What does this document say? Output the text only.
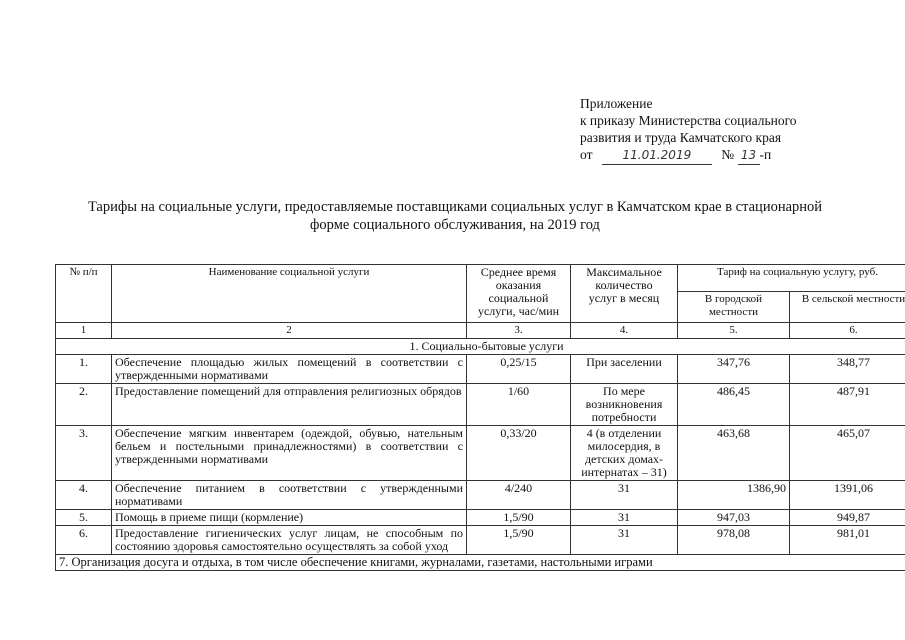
Приложение
к приказу Министерства социального
развития и труда Камчатского края
от	11.01.2019 № 13 -п
Тарифы на социальные услуги, предоставляемые поставщиками социальных услуг в Камчатском крае в стационарной
форме социального обслуживания, на 2019 год
№ п/п	Наименование социальной услуги	Среднее время оказания социальной услуги, час/мин	Максимальное количество услуг в месяц	Тариф на социальную услугу, руб.	
				В городской местности	В сельской местности
1	2	3.	4.	5.	6.
1. Социально-бытовые услуги					
1.	Обеспечение площадью жилых помещений в соответствии с утвержденными нормативами	0,25/15	При заселении	347,76	348,77
2.	Предоставление помещений для отправления религиозных обрядов	1/60	По мере возникновения потребности	486,45	487,91
3.	Обеспечение мягким инвентарем (одеждой, обувью, нательным бельем и постельными принадлежностями) в соответствии с утвержденными нормативами	0,33/20	4 (в отделении милосердия, в детских домах-интернатах – 31)	463,68	465,07
4.	Обеспечение питанием в соответствии с утвержденными нормативами	4/240	31	1386,90	1391,06
5.	Помощь в приеме пищи (кормление)	1,5/90	31	947,03	949,87
6.	Предоставление гигиенических услуг лицам, не способным по состоянию здоровья самостоятельно осуществлять за собой уход	1,5/90	31	978,08	981,01
7. Организация досуга и отдыха, в том числе обеспечение книгами, журналами, газетами, настольными играми					
